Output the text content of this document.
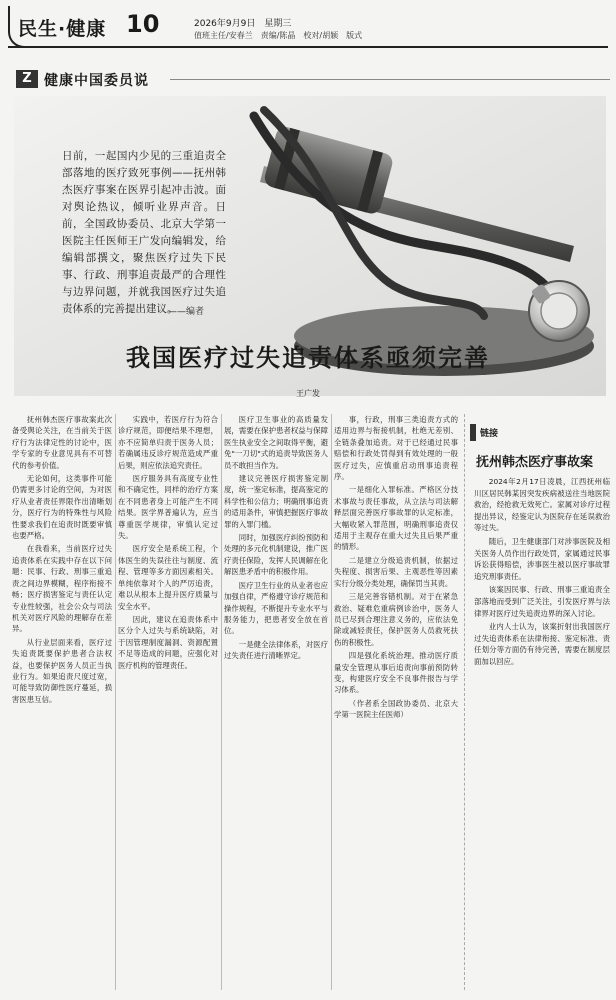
民生·健康 10	2026年9月9日　星期三
值班主任/安春兰　责编/陈晶　校对/胡颖　版式
Z 健康中国委员说
日前，一起国内少见的三重追责全部落地的医疗致死事例——抚州韩杰医疗事案在医界引起冲击波。面对舆论热议，倾听业界声音。日前，全国政协委员、北京大学第一医院主任医师王广发向编辑发，给编辑部撰文，聚焦医疗过失下民事、行政、刑事追责最严的合理性与边界问题，并就我国医疗过失追责体系的完善提出建议。
——编者
我国医疗过失追责体系亟须完善
王广发

抚州韩杰医疗事故案此次备受舆论关注，在当前关于医疗行为法律定性的讨论中，医学专家的专业意见具有不可替代的参考价值。

无论如何，这类事件可能仍需更多讨论的空间，为对医疗从业者责任界限作出清晰划分，医疗行为的特殊性与风险性要求我们在追责时既要审慎也要严格。

在我看来，当前医疗过失追责体系在实践中存在以下问题：民事、行政、刑事三重追责之间边界模糊，程序衔接不畅；医疗损害鉴定与责任认定专业性较强，社会公众与司法机关对医疗风险的理解存在差异。

从行业层面来看，医疗过失追责既要保护患者合法权益，也要保护医务人员正当执业行为。如果追责尺度过宽，可能导致防御性医疗蔓延，损害医患互信。

实践中，若医疗行为符合诊疗规范，即便结果不理想，亦不应简单归责于医务人员；若确属违反诊疗规范造成严重后果，则应依法追究责任。

医疗服务具有高度专业性和不确定性，同样的治疗方案在不同患者身上可能产生不同结果。医学界普遍认为，应当尊重医学规律，审慎认定过失。

医疗安全是系统工程，个体医生的失误往往与制度、流程、管理等多方面因素相关。单纯依靠对个人的严厉追责，难以从根本上提升医疗质量与安全水平。

因此，建议在追责体系中区分个人过失与系统缺陷，对于因管理制度漏洞、资源配置不足等造成的问题，应强化对医疗机构的管理责任。

医疗卫生事业的高质量发展，需要在保护患者权益与保障医生执业安全之间取得平衡，避免"一刀切"式的追责导致医务人员不敢担当作为。

建议完善医疗损害鉴定制度，统一鉴定标准，提高鉴定的科学性和公信力；明确刑事追责的适用条件，审慎把握医疗事故罪的入罪门槛。

同时，加强医疗纠纷预防和处理的多元化机制建设，推广医疗责任保险，发挥人民调解在化解医患矛盾中的积极作用。

医疗卫生行业的从业者也应加强自律，严格遵守诊疗规范和操作规程，不断提升专业水平与服务能力，把患者安全放在首位。

一是健全法律体系，对医疗过失责任进行清晰界定。

事，行政，刑事三类追责方式的适用边界与衔接机制，杜绝无差别、全链条叠加追责。对于已经通过民事赔偿和行政处罚得到有效处理的一般医疗过失，应慎重启动刑事追责程序。

一是细化入罪标准。严格区分技术事故与责任事故，从立法与司法解释层面完善医疗事故罪的认定标准，大幅收紧入罪范围，明确刑事追责仅适用于主观存在重大过失且后果严重的情形。

二是建立分级追责机制，依据过失程度、损害后果、主观恶性等因素实行分级分类处理，确保罚当其责。

三是完善容错机制。对于在紧急救治、疑难危重病例诊治中，医务人员已尽到合理注意义务的，应依法免除或减轻责任，保护医务人员救死扶伤的积极性。

四是强化系统治理。推动医疗质量安全管理从事后追责向事前预防转变，构建医疗安全不良事件报告与学习体系。

（作者系全国政协委员、北京大学第一医院主任医师）

链接
抚州韩杰医疗事故案

2024年2月17日凌晨，江西抚州临川区居民韩某因突发疾病被送往当地医院救治，经抢救无效死亡。家属对诊疗过程提出异议，经鉴定认为医院存在延误救治等过失。

随后，卫生健康部门对涉事医院及相关医务人员作出行政处罚，家属通过民事诉讼获得赔偿，涉事医生被以医疗事故罪追究刑事责任。

该案因民事、行政、刑事三重追责全部落地而受到广泛关注，引发医疗界与法律界对医疗过失追责边界的深入讨论。

业内人士认为，该案折射出我国医疗过失追责体系在法律衔接、鉴定标准、责任划分等方面仍有待完善，需要在制度层面加以回应。
